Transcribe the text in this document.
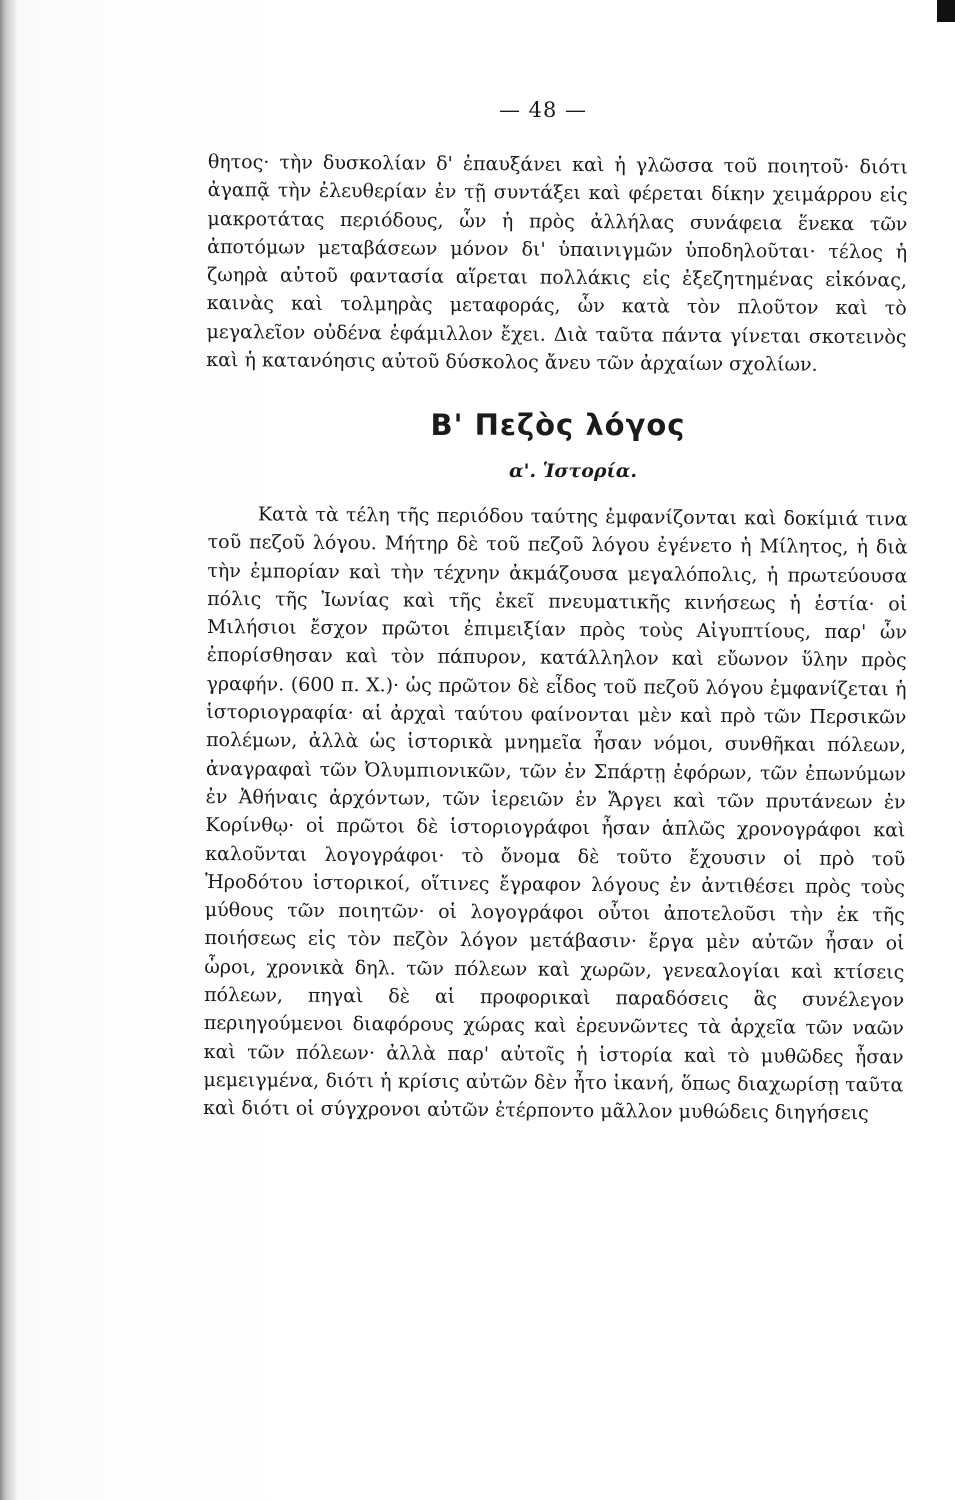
— 48 —

θητος· τὴν δυσκολίαν δ' ἐπαυξάνει καὶ ἡ γλῶσσα τοῦ ποιητοῦ· διότι ἀγαπᾷ τὴν ἐλευθερίαν ἐν τῇ συντάξει καὶ φέρεται δίκην χειμάρρου εἰς μακροτάτας περιόδους, ὧν ἡ πρὸς ἀλλήλας συνάφεια ἕνεκα τῶν ἀποτόμων μεταβάσεων μόνον δι' ὑπαινιγμῶν ὑποδηλοῦται· τέλος ἡ ζωηρὰ αὐτοῦ φαντασία αἵρεται πολλάκις εἰς ἐξεζητημένας εἰκόνας, καινὰς καὶ τολμηρὰς μεταφοράς, ὧν κατὰ τὸν πλοῦτον καὶ τὸ μεγαλεῖον οὐδένα ἐφάμιλλον ἔχει. Διὰ ταῦτα πάντα γίνεται σκοτεινὸς καὶ ἡ κατανόησις αὐτοῦ δύσκολος ἄνευ τῶν ἀρχαίων σχολίων.

Β' Πεζὸς λόγος
α'. Ἱστορία.

Κατὰ τὰ τέλη τῆς περιόδου ταύτης ἐμφανίζονται καὶ δοκίμιά τινα τοῦ πεζοῦ λόγου. Μήτηρ δὲ τοῦ πεζοῦ λόγου ἐγένετο ἡ Μίλητος, ἡ διὰ τὴν ἐμπορίαν καὶ τὴν τέχνην ἀκμάζουσα μεγαλόπολις, ἡ πρωτεύουσα πόλις τῆς Ἰωνίας καὶ τῆς ἐκεῖ πνευματικῆς κινήσεως ἡ ἑστία· οἱ Μιλήσιοι ἔσχον πρῶτοι ἐπιμειξίαν πρὸς τοὺς Αἰγυπτίους, παρ' ὧν ἐπορίσθησαν καὶ τὸν πάπυρον, κατάλληλον καὶ εὔωνον ὕλην πρὸς γραφήν. (600 π. Χ.)· ὡς πρῶτον δὲ εἶδος τοῦ πεζοῦ λόγου ἐμφανίζεται ἡ ἱστοριογραφία· αἱ ἀρχαὶ ταύτου φαίνονται μὲν καὶ πρὸ τῶν Περσικῶν πολέμων, ἀλλὰ ὡς ἱστορικὰ μνημεῖα ἦσαν νόμοι, συνθῆκαι πόλεων, ἀναγραφαὶ τῶν Ὀλυμπιονικῶν, τῶν ἐν Σπάρτῃ ἐφόρων, τῶν ἐπωνύμων ἐν Ἀθήναις ἀρχόντων, τῶν ἱερειῶν ἐν Ἄργει καὶ τῶν πρυτάνεων ἐν Κορίνθῳ· οἱ πρῶτοι δὲ ἱστοριογράφοι ἦσαν ἁπλῶς χρονογράφοι καὶ καλοῦνται λογογράφοι· τὸ ὄνομα δὲ τοῦτο ἔχουσιν οἱ πρὸ τοῦ Ἡροδότου ἱστορικοί, οἵτινες ἔγραφον λόγους ἐν ἀντιθέσει πρὸς τοὺς μύθους τῶν ποιητῶν· οἱ λογογράφοι οὗτοι ἀποτελοῦσι τὴν ἐκ τῆς ποιήσεως εἰς τὸν πεζὸν λόγον μετάβασιν· ἔργα μὲν αὐτῶν ἦσαν οἱ ὧροι, χρονικὰ δηλ. τῶν πόλεων καὶ χωρῶν, γενεαλογίαι καὶ κτίσεις πόλεων, πηγαὶ δὲ αἱ προφορικαὶ παραδόσεις ἃς συνέλεγον περιηγούμενοι διαφόρους χώρας καὶ ἐρευνῶντες τὰ ἀρχεῖα τῶν ναῶν καὶ τῶν πόλεων· ἀλλὰ παρ' αὐτοῖς ἡ ἱστορία καὶ τὸ μυθῶδες ἦσαν μεμειγμένα, διότι ἡ κρίσις αὐτῶν δὲν ἦτο ἱκανή, ὅπως διαχωρίσῃ ταῦτα καὶ διότι οἱ σύγχρονοι αὐτῶν ἐτέρποντο μᾶλλον μυθώδεις διηγήσεις
